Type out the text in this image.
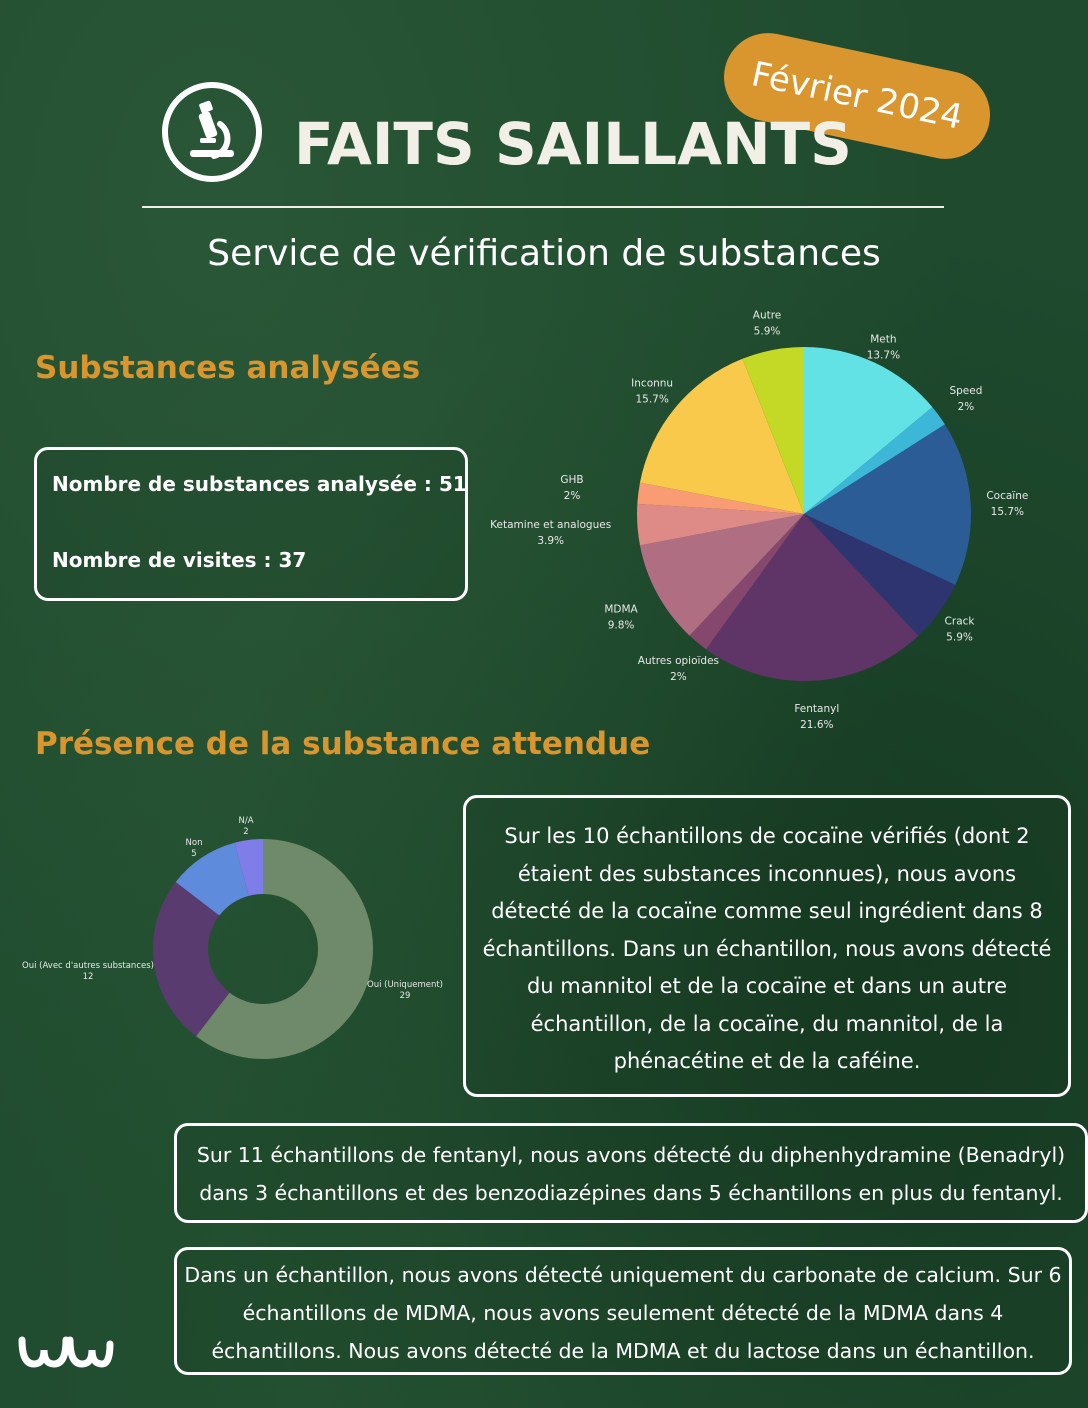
Février 2024
FAITS SAILLANTS
Service de vérification de substances
Substances analysées
Nombre de substances analysée : 51
Nombre de visites : 37
Meth
13.7%
Speed
2%
Cocaïne
15.7%
Crack
5.9%
Fentanyl
21.6%
Autres opioïdes
2%
MDMA
9.8%
Ketamine et analogues
3.9%
GHB
2%
Inconnu
15.7%
Autre
5.9%
Présence de la substance attendue
Oui (Uniquement)
29
Oui (Avec d'autres substances)
12
Non
5
N/A
2	Sur les 10 échantillons de cocaïne vérifiés (dont 2 étaient des substances inconnues), nous avons détecté de la cocaïne comme seul ingrédient dans 8 échantillons. Dans un échantillon, nous avons détecté du mannitol et de la cocaïne et dans un autre échantillon, de la cocaïne, du mannitol, de la phénacétine et de la caféine.
Sur 11 échantillons de fentanyl, nous avons détecté du diphenhydramine (Benadryl) dans 3 échantillons et des benzodiazépines dans 5 échantillons en plus du fentanyl.
Dans un échantillon, nous avons détecté uniquement du carbonate de calcium. Sur 6 échantillons de MDMA, nous avons seulement détecté de la MDMA dans 4 échantillons. Nous avons détecté de la MDMA et du lactose dans un échantillon.
